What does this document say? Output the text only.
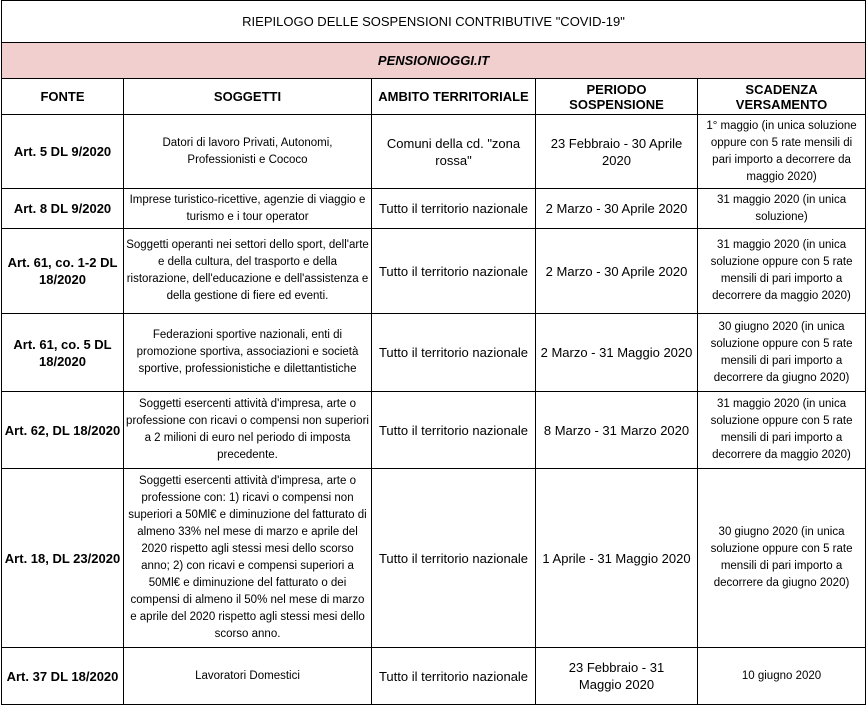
RIEPILOGO DELLE SOSPENSIONI CONTRIBUTIVE "COVID-19"				
PENSIONIOGGI.IT				
FONTE	SOGGETTI	AMBITO TERRITORIALE	PERIODO SOSPENSIONE	SCADENZA VERSAMENTO
Art. 5 DL 9/2020	Datori di lavoro Privati, Autonomi, Professionisti e Cococo	Comuni della cd. "zona rossa"	23 Febbraio - 30 Aprile 2020	1° maggio (in unica soluzione oppure con 5 rate mensili di pari importo a decorrere da maggio 2020)
Art. 8 DL 9/2020	Imprese turistico-ricettive, agenzie di viaggio e turismo e i tour operator	Tutto il territorio nazionale	2 Marzo - 30 Aprile 2020	31 maggio 2020 (in unica soluzione)
Art. 61, co. 1-2 DL 18/2020	Soggetti operanti nei settori dello sport, dell'arte e della cultura, del trasporto e della ristorazione, dell'educazione e dell'assistenza e della gestione di fiere ed eventi.	Tutto il territorio nazionale	2 Marzo - 30 Aprile 2020	31 maggio 2020 (in unica soluzione oppure con 5 rate mensili di pari importo a decorrere da maggio 2020)
Art. 61, co. 5 DL 18/2020	Federazioni sportive nazionali, enti di promozione sportiva, associazioni e società sportive, professionistiche e dilettantistiche	Tutto il territorio nazionale	2 Marzo - 31 Maggio 2020	30 giugno 2020 (in unica soluzione oppure con 5 rate mensili di pari importo a decorrere da giugno 2020)
Art. 62, DL 18/2020	Soggetti esercenti attività d'impresa, arte o professione con ricavi o compensi non superiori a 2 milioni di euro nel periodo di imposta precedente.	Tutto il territorio nazionale	8 Marzo - 31 Marzo 2020	31 maggio 2020 (in unica soluzione oppure con 5 rate mensili di pari importo a decorrere da maggio 2020)
Art. 18, DL 23/2020	Soggetti esercenti attività d'impresa, arte o professione con: 1) ricavi o compensi non superiori a 50Ml€ e diminuzione del fatturato di almeno 33% nel mese di marzo e aprile del 2020 rispetto agli stessi mesi dello scorso anno; 2) con ricavi e compensi superiori a 50Ml€ e diminuzione del fatturato o dei compensi di almeno il 50% nel mese di marzo e aprile del 2020 rispetto agli stessi mesi dello scorso anno.	Tutto il territorio nazionale	1 Aprile - 31 Maggio 2020	30 giugno 2020 (in unica soluzione oppure con 5 rate mensili di pari importo a decorrere da giugno 2020)
Art. 37 DL 18/2020	Lavoratori Domestici	Tutto il territorio nazionale	23 Febbraio - 31 Maggio 2020	10 giugno 2020
